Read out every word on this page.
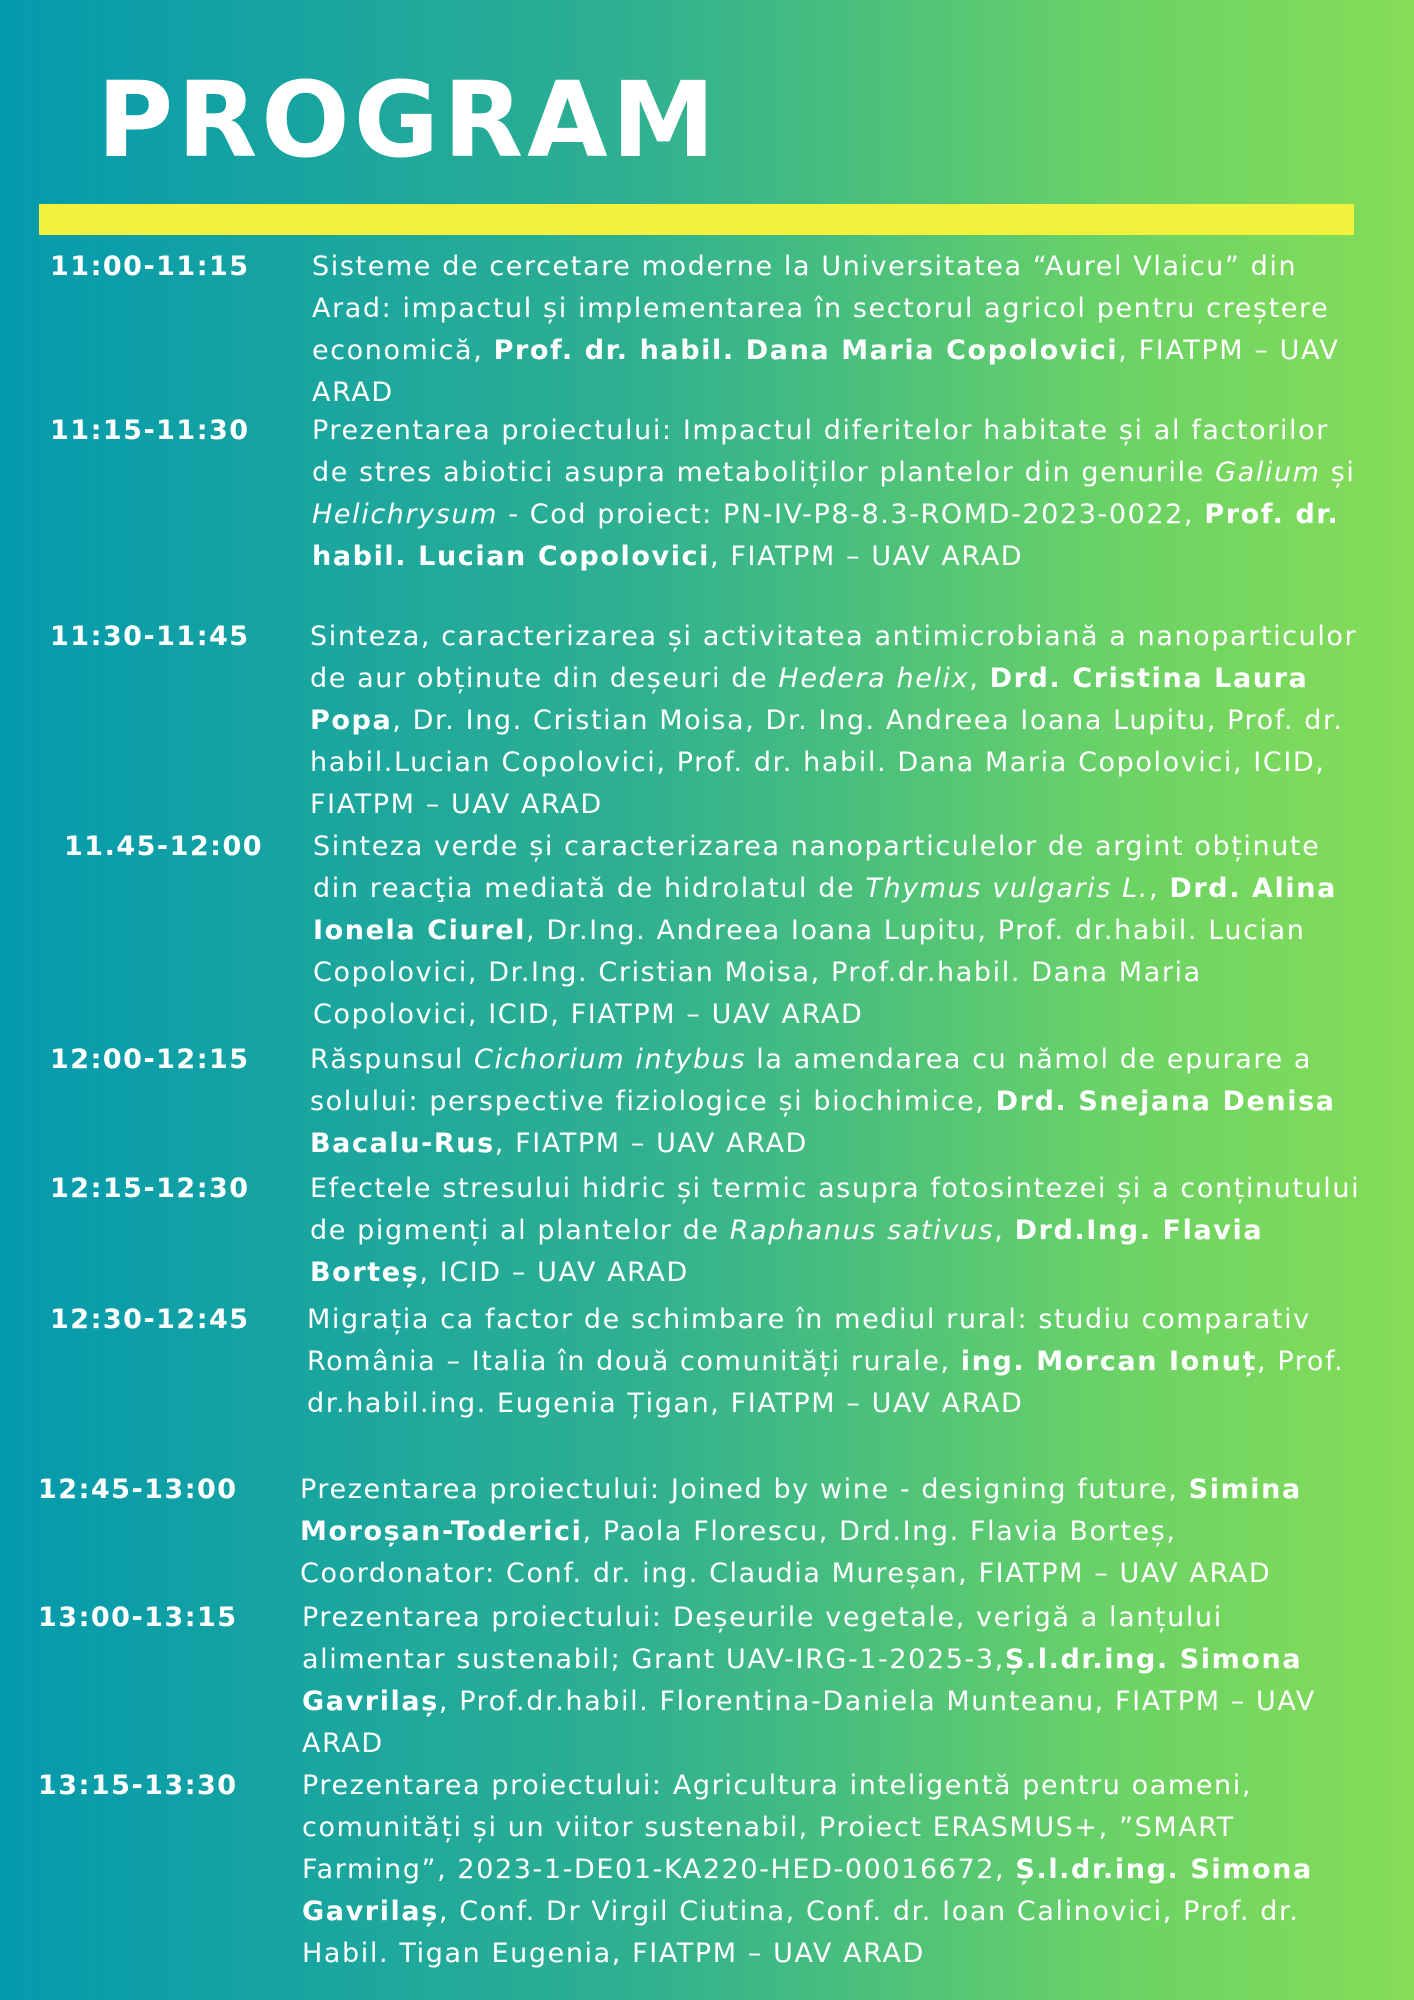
PROGRAM
11:00-11:15 Sisteme de cercetare moderne la Universitatea “Aurel Vlaicu” din Arad: impactul și implementarea în sectorul agricol pentru creștere economică, Prof. dr. habil. Dana Maria Copolovici, FIATPM – UAV ARAD
11:15-11:30 Prezentarea proiectului: Impactul diferitelor habitate și al factorilor de stres abiotici asupra metaboliților plantelor din genurile Galium și Helichrysum - Cod proiect: PN-IV-P8-8.3-ROMD-2023-0022, Prof. dr. habil. Lucian Copolovici, FIATPM – UAV ARAD
11:30-11:45 Sinteza, caracterizarea și activitatea antimicrobiană a nanoparticulor de aur obținute din deșeuri de Hedera helix, Drd. Cristina Laura Popa, Dr. Ing. Cristian Moisa, Dr. Ing. Andreea Ioana Lupitu, Prof. dr. habil.Lucian Copolovici, Prof. dr. habil. Dana Maria Copolovici, ICID, FIATPM – UAV ARAD
11.45-12:00 Sinteza verde și caracterizarea nanoparticulelor de argint obținute din reacţia mediată de hidrolatul de Thymus vulgaris L., Drd. Alina Ionela Ciurel, Dr.Ing. Andreea Ioana Lupitu, Prof. dr.habil. Lucian Copolovici, Dr.Ing. Cristian Moisa, Prof.dr.habil. Dana Maria Copolovici, ICID, FIATPM – UAV ARAD
12:00-12:15 Răspunsul Cichorium intybus la amendarea cu nămol de epurare a solului: perspective fiziologice și biochimice, Drd. Snejana Denisa Bacalu-Rus, FIATPM – UAV ARAD
12:15-12:30 Efectele stresului hidric și termic asupra fotosintezei și a conținutului de pigmenți al plantelor de Raphanus sativus, Drd.Ing. Flavia Borteș, ICID – UAV ARAD
12:30-12:45 Migrația ca factor de schimbare în mediul rural: studiu comparativ România – Italia în două comunități rurale, ing. Morcan Ionuț, Prof. dr.habil.ing. Eugenia Țigan, FIATPM – UAV ARAD
12:45-13:00 Prezentarea proiectului: Joined by wine - designing future, Simina Moroșan-Toderici, Paola Florescu, Drd.Ing. Flavia Borteș, Coordonator: Conf. dr. ing. Claudia Mureșan, FIATPM – UAV ARAD
13:00-13:15 Prezentarea proiectului: Deșeurile vegetale, verigă a lanțului alimentar sustenabil; Grant UAV-IRG-1-2025-3,Ș.l.dr.ing. Simona Gavrilaș, Prof.dr.habil. Florentina-Daniela Munteanu, FIATPM – UAV ARAD
13:15-13:30 Prezentarea proiectului: Agricultura inteligentă pentru oameni, comunități și un viitor sustenabil, Proiect ERASMUS+, ”SMART Farming”, 2023-1-DE01-KA220-HED-00016672, Ș.l.dr.ing. Simona Gavrilaș, Conf. Dr Virgil Ciutina, Conf. dr. Ioan Calinovici, Prof. dr. Habil. Tigan Eugenia, FIATPM – UAV ARAD
